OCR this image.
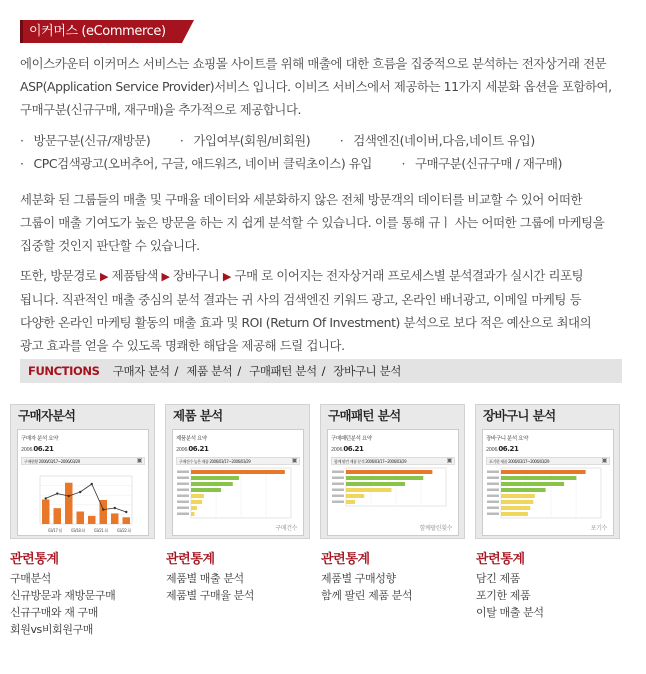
이커머스 (eCommerce)
에이스카운터 이커머스 서비스는 쇼핑몰 사이트를 위해 매출에 대한 흐름을 집중적으로 분석하는 전자상거래 전문
ASP(Application Service Provider)서비스 입니다. 이비즈 서비스에서 제공하는 11가지 세분화 옵션을 포함하여,
구매구분(신규구매, 재구매)을 추가적으로 제공합니다.
· 방문구분(신규/재방문)	· 가입여부(회원/비회원)	· 검색엔진(네이버,다음,네이트 유입)
· CPC검색광고(오버추어, 구글, 애드워즈, 네이버 클릭초이스) 유입	· 구매구분(신규구매 / 재구매)
세분화 된 그룹들의 매출 및 구매율 데이터와 세분화하지 않은 전체 방문객의 데이터를 비교할 수 있어 어떠한
그룹이 매출 기여도가 높은 방문을 하는 지 쉽게 분석할 수 있습니다. 이를 통해 규ㅣ 사는 어떠한 그룹에 마케팅을
집중할 것인지 판단할 수 있습니다.
또한, 방문경로 ▶ 제품탐색 ▶ 장바구니 ▶ 구매 로 이어지는 전자상거래 프로세스별 분석결과가 실시간 리포팅
됩니다. 직관적인 매출 중심의 분석 결과는 귀 사의 검색엔진 키워드 광고, 온라인 배너광고, 이메일 마케팅 등
다양한 온라인 마케팅 활동의 매출 효과 및 ROI (Return Of Investment) 분석으로 보다 적은 예산으로 최대의
광고 효과를 얻을 수 있도록 명쾌한 해답을 제공해 드릴 겁니다.
FUNCTIONS 구매자 분석 / 제품 분석 / 구매패턴 분석 / 장바구니 분석
구매자분석
구매자 분석 요약
2006.06.21
구매현황 2006/03/17~2006/03/29	▣
03/17 월 03/18 화 03/21 화 03/22 화
제품 분석
제품분석 요약
2006.06.21
구매건수 높은 제품 2006/03/17~2006/03/29	▣
구매건수
구매패턴 분석
구매패턴분석 요약
2006.06.21
함께 팔린 제품 분석 2006/03/17~2006/03/29	▣
함께팔린횟수
장바구니 분석
장바구니 분석 요약
2006.06.21
포기한 제품 2006/03/17~2006/03/29	▣
포기수
관련통계	관련통계	관련통계	관련통계
구매분석
신규방문과 재방문구매
신규구매와 재 구매
회원vs비회원구매
제품별 매출 분석
제품별 구매율 분석
제품별 구매성향
함께 팔린 제품 분석
담긴 제품
포기한 제품
이탈 매출 분석
